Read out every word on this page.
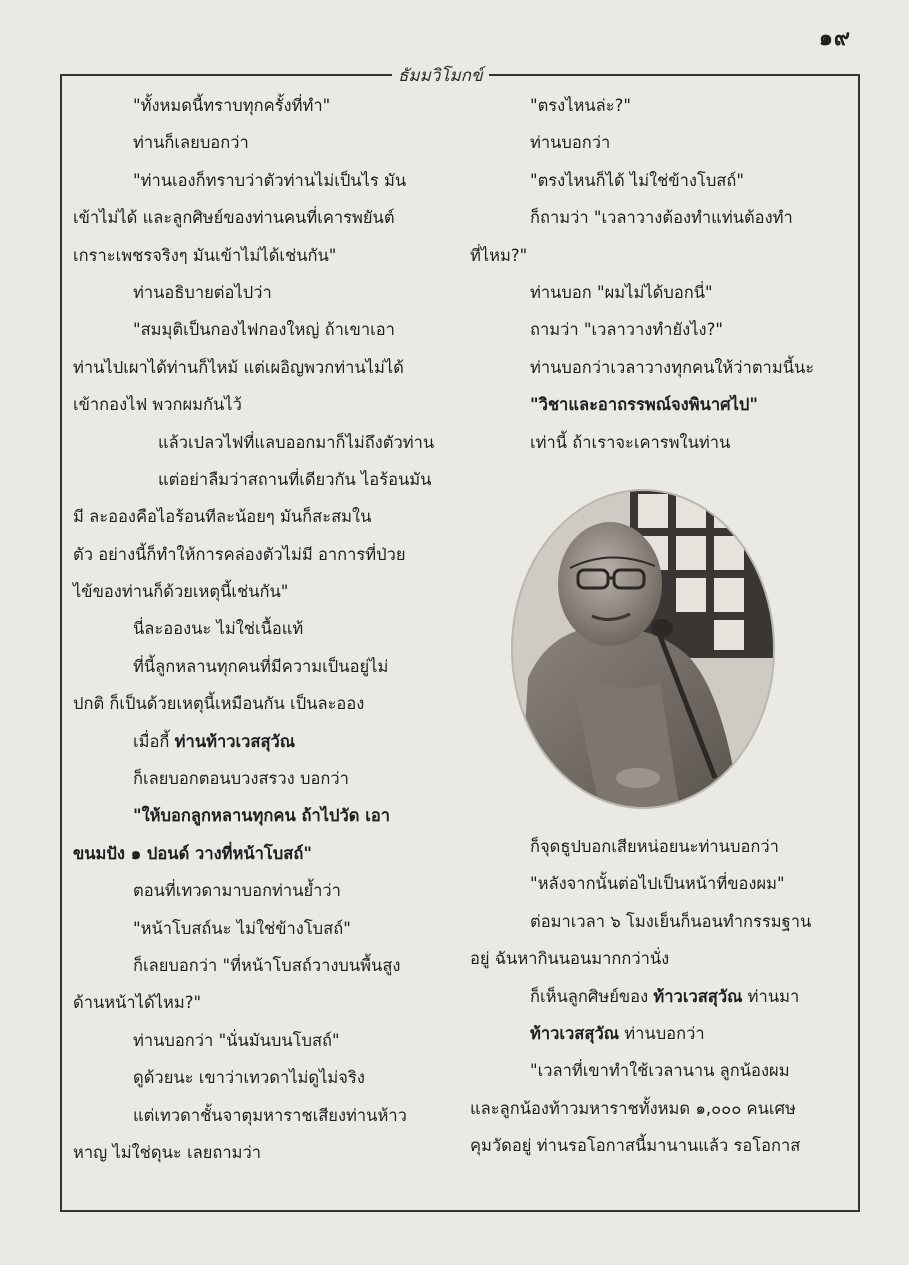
๑๙
ธัมมวิโมกข์

"ทั้งหมดนี้ทราบทุกครั้งที่ทำ"

ท่านก็เลยบอกว่า

"ท่านเองก็ทราบว่าตัวท่านไม่เป็นไร มัน

เข้าไม่ได้ และลูกศิษย์ของท่านคนที่เคารพยันต์

เกราะเพชรจริงๆ มันเข้าไม่ได้เช่นกัน"

ท่านอธิบายต่อไปว่า

"สมมุติเป็นกองไฟกองใหญ่ ถ้าเขาเอา

ท่านไปเผาได้ท่านก็ไหม้ แต่เผอิญพวกท่านไม่ได้

เข้ากองไฟ พวกผมกันไว้

แล้วเปลวไฟที่แลบออกมาก็ไม่ถึงตัวท่าน

แต่อย่าลืมว่าสถานที่เดียวกัน ไอร้อนมัน

มี ละอองคือไอร้อนทีละน้อยๆ มันก็สะสมใน

ตัว อย่างนี้ก็ทำให้การคล่องตัวไม่มี อาการที่ป่วย

ไข้ของท่านก็ด้วยเหตุนี้เช่นกัน"

นี่ละอองนะ ไม่ใช่เนื้อแท้

ที่นี้ลูกหลานทุกคนที่มีความเป็นอยู่ไม่

ปกติ ก็เป็นด้วยเหตุนี้เหมือนกัน เป็นละออง

เมื่อกี้ ท่านท้าวเวสสุวัณ

ก็เลยบอกตอนบวงสรวง บอกว่า

"ให้บอกลูกหลานทุกคน ถ้าไปวัด เอา

ขนมปัง ๑ ปอนด์ วางที่หน้าโบสถ์"

ตอนที่เทวดามาบอกท่านย้ำว่า

"หน้าโบสถ์นะ ไม่ใช่ข้างโบสถ์"

ก็เลยบอกว่า "ที่หน้าโบสถ์วางบนพื้นสูง

ด้านหน้าได้ไหม?"

ท่านบอกว่า "นั่นมันบนโบสถ์"

ดูด้วยนะ เขาว่าเทวดาไม่ดูไม่จริง

แต่เทวดาชั้นจาตุมหาราชเสียงท่านห้าว

หาญ ไม่ใช่ดุนะ เลยถามว่า

"ตรงไหนล่ะ?"

ท่านบอกว่า

"ตรงไหนก็ได้ ไม่ใช่ข้างโบสถ์"

ก็ถามว่า "เวลาวางต้องทำแท่นต้องทำ

ที่ไหม?"

ท่านบอก "ผมไม่ได้บอกนี่"

ถามว่า "เวลาวางทำยังไง?"

ท่านบอกว่าเวลาวางทุกคนให้ว่าตามนี้นะ

"วิชาและอาถรรพณ์จงพินาศไป"

เท่านี้ ถ้าเราจะเคารพในท่าน

ก็จุดธูปบอกเสียหน่อยนะท่านบอกว่า

"หลังจากนั้นต่อไปเป็นหน้าที่ของผม"

ต่อมาเวลา ๖ โมงเย็นก็นอนทำกรรมฐาน

อยู่ ฉันหากินนอนมากกว่านั่ง

ก็เห็นลูกศิษย์ของ ท้าวเวสสุวัณ ท่านมา

ท้าวเวสสุวัณ ท่านบอกว่า

"เวลาที่เขาทำใช้เวลานาน ลูกน้องผม

และลูกน้องท้าวมหาราชทั้งหมด ๑,๐๐๐ คนเศษ

คุมวัดอยู่ ท่านรอโอกาสนี้มานานแล้ว รอโอกาส
